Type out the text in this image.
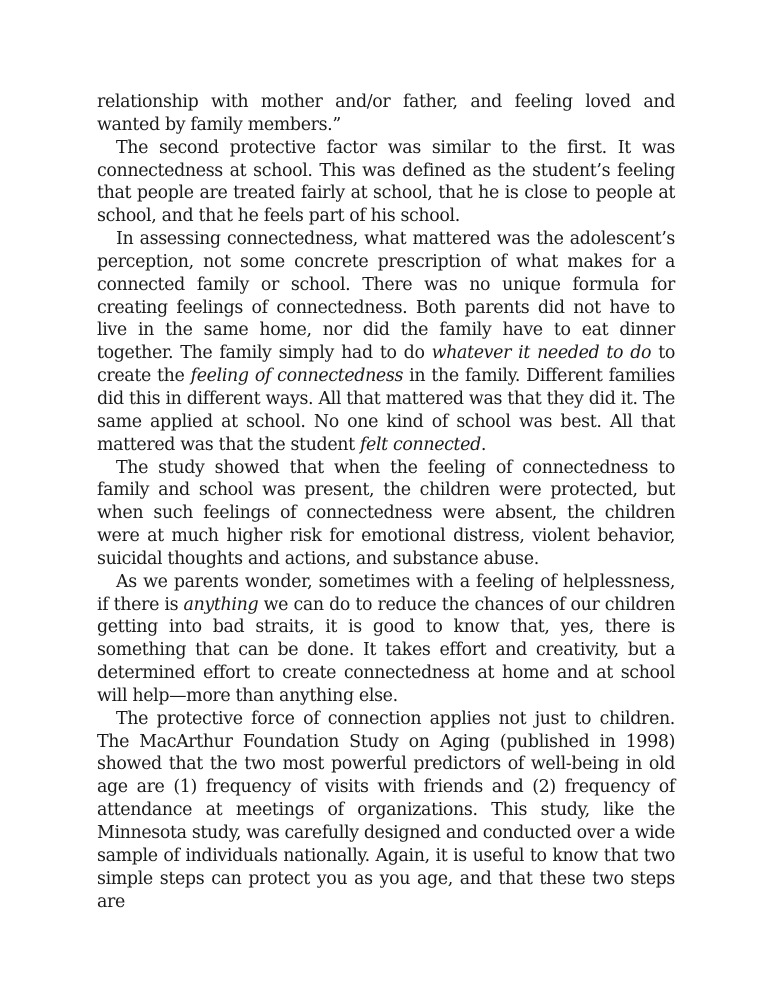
relationship with mother and/or father, and feeling loved and wanted by family members.”

The second protective factor was similar to the first. It was connectedness at school. This was defined as the student’s feeling that people are treated fairly at school, that he is close to people at school, and that he feels part of his school.

In assessing connectedness, what mattered was the adolescent’s perception, not some concrete prescription of what makes for a connected family or school. There was no unique formula for creating feelings of connectedness. Both parents did not have to live in the same home, nor did the family have to eat dinner together. The family simply had to do whatever it needed to do to create the feeling of connectedness in the family. Different families did this in different ways. All that mattered was that they did it. The same applied at school. No one kind of school was best. All that mattered was that the student felt connected.

The study showed that when the feeling of connectedness to family and school was present, the children were protected, but when such feelings of connectedness were absent, the children were at much higher risk for emotional distress, violent behavior, suicidal thoughts and actions, and substance abuse.

As we parents wonder, sometimes with a feeling of helplessness, if there is anything we can do to reduce the chances of our children getting into bad straits, it is good to know that, yes, there is something that can be done. It takes effort and creativity, but a determined effort to create connectedness at home and at school will help—more than anything else.

The protective force of connection applies not just to children. The MacArthur Foundation Study on Aging (published in 1998) showed that the two most powerful predictors of well-being in old age are (1) frequency of visits with friends and (2) frequency of attendance at meetings of organizations. This study, like the Minnesota study, was carefully designed and conducted over a wide sample of individuals nationally. Again, it is useful to know that two simple steps can protect you as you age, and that these two steps are
